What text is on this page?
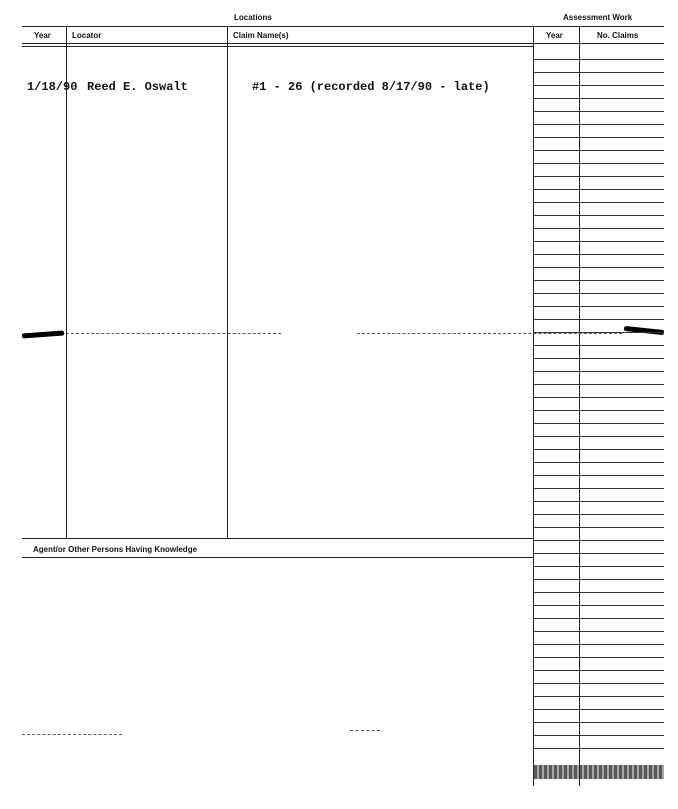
Locations	Assessment Work
Year	Locator	Claim Name(s)	Year	No. Claims
1/18/90 Reed E. Oswalt	#1 - 26 (recorded 8/17/90 - late)
Agent/or Other Persons Having Knowledge
